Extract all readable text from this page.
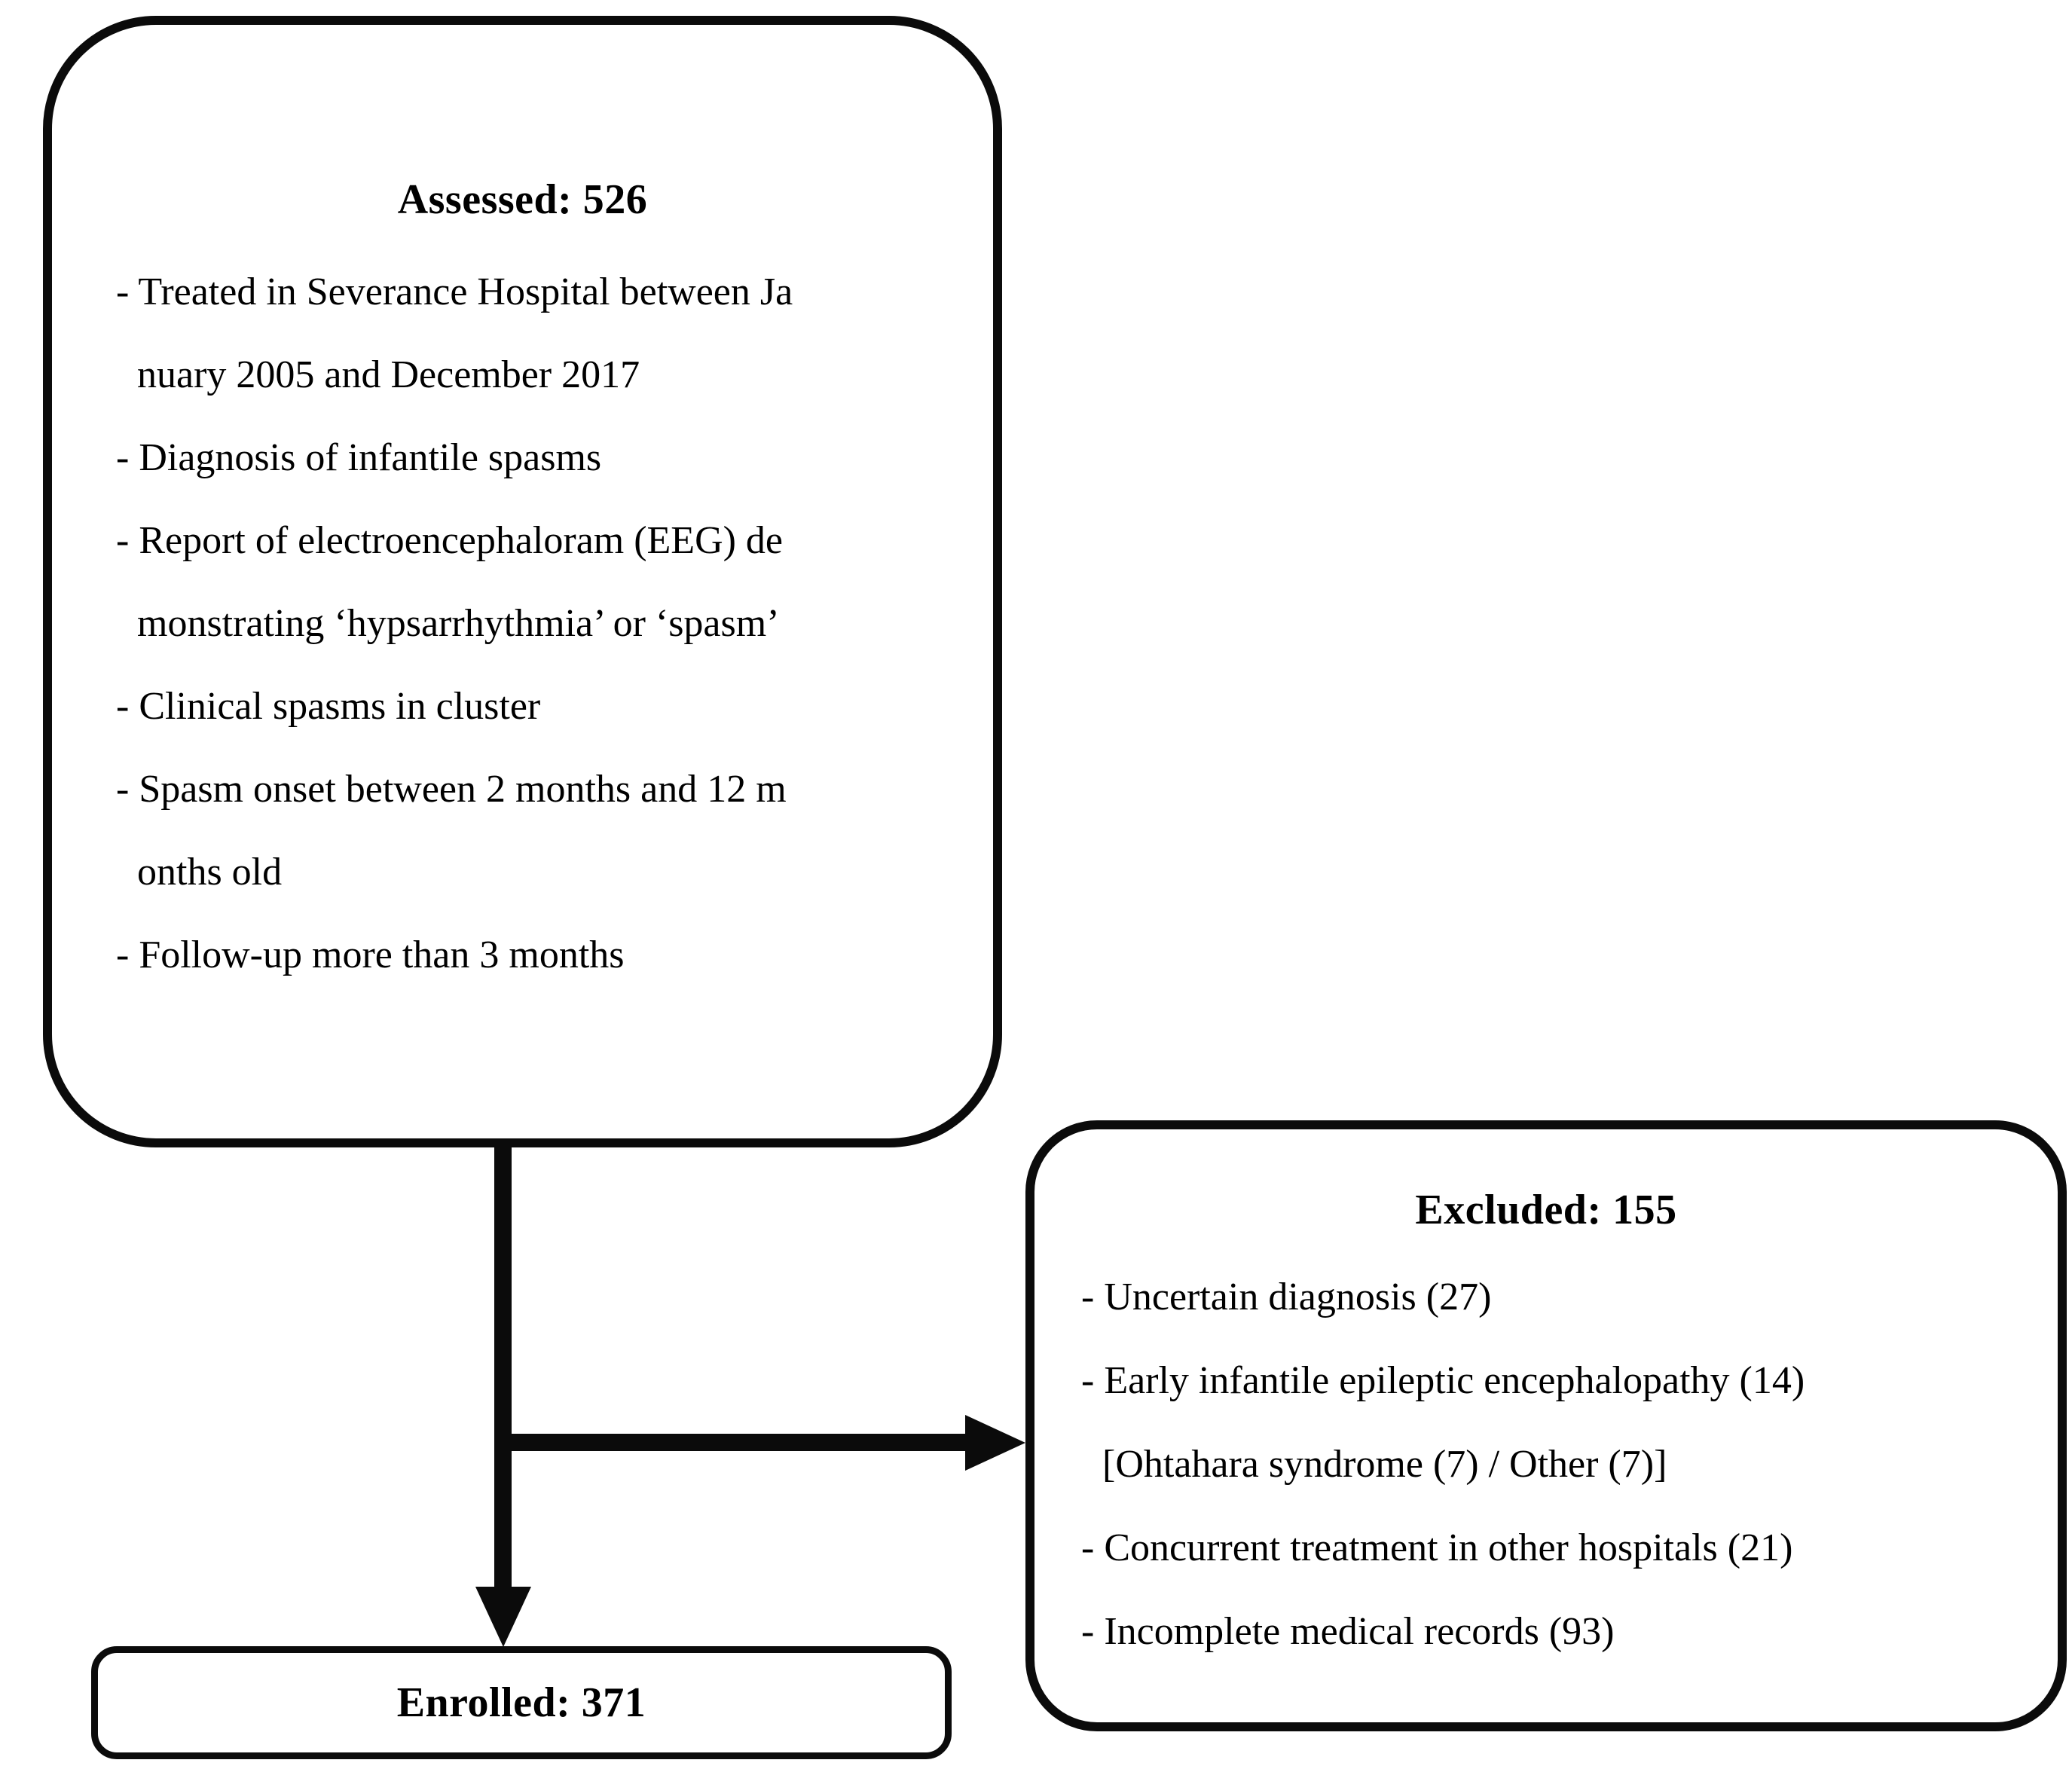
Assessed: 526
- Treated in Severance Hospital between Ja
nuary 2005 and December 2017
- Diagnosis of infantile spasms
- Report of electroencephaloram (EEG) de
monstrating ‘hypsarrhythmia’ or ‘spasm’
- Clinical spasms in cluster
- Spasm onset between 2 months and 12 m
onths old
- Follow-up more than 3 months
Excluded: 155
- Uncertain diagnosis (27)
- Early infantile epileptic encephalopathy (14)
[Ohtahara syndrome (7) / Other (7)]
- Concurrent treatment in other hospitals (21)
- Incomplete medical records (93)
Enrolled: 371
